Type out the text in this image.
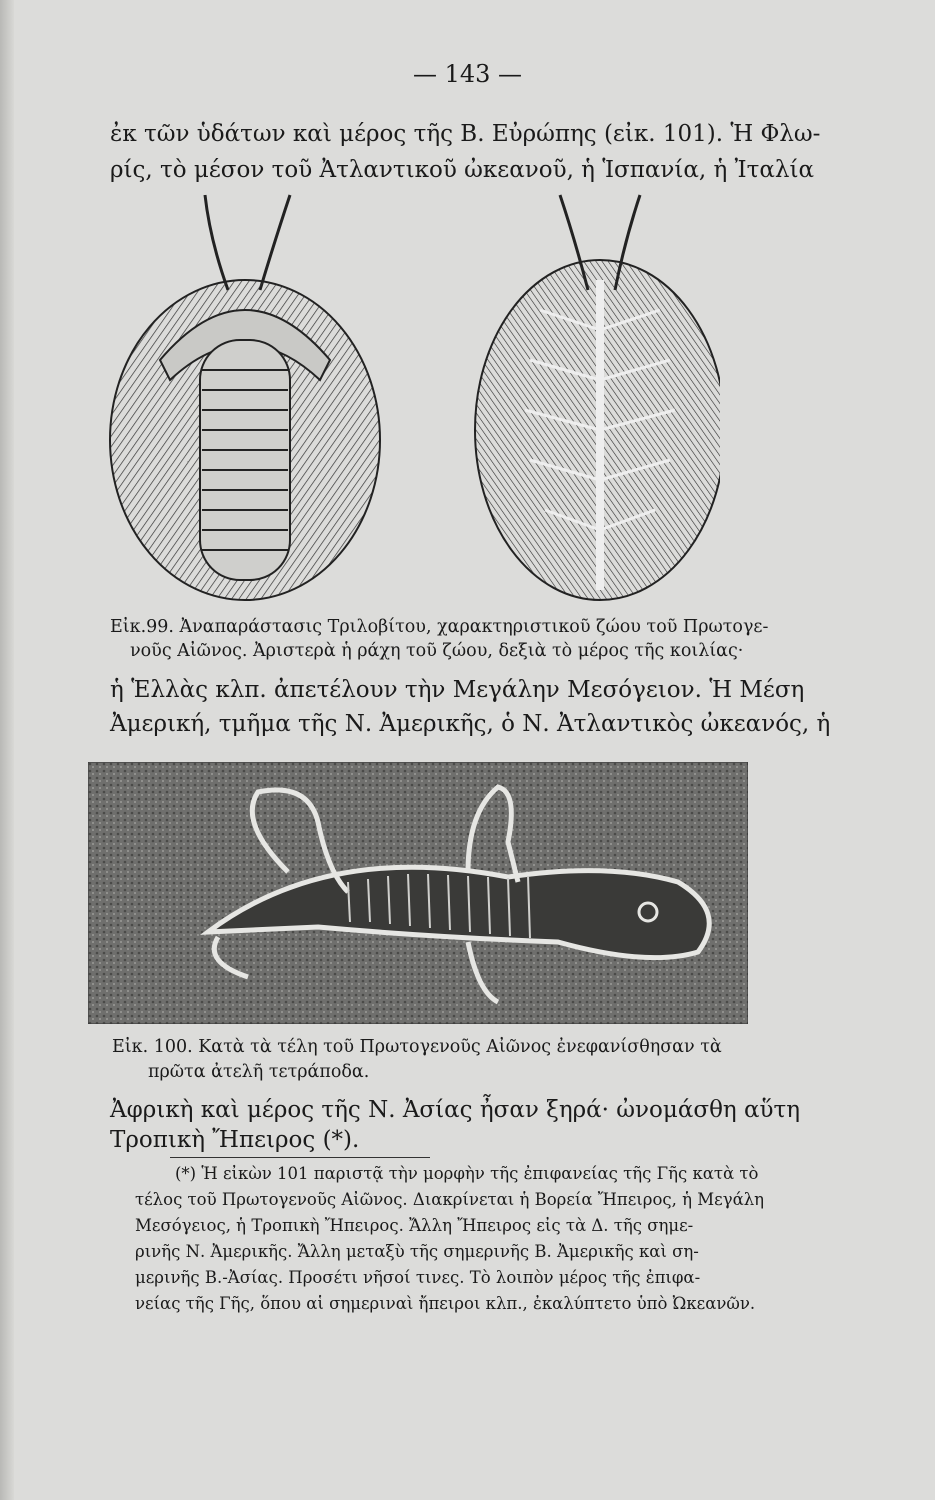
— 143 —
ἐκ τῶν ὑδάτων καὶ μέρος τῆς Β. Εὐρώπης (εἰκ. 101). Ἡ Φλω-
ρίς, τὸ μέσον τοῦ Ἀτλαντικοῦ ὠκεανοῦ, ἡ Ἱσπανία, ἡ Ἰταλία
Εἰκ.99. Ἀναπαράστασις Τριλοβίτου, χαρακτηριστικοῦ ζώου τοῦ Πρωτογε-
νοῦς Αἰῶνος. Ἀριστερὰ ἡ ράχη τοῦ ζώου, δεξιὰ τὸ μέρος τῆς κοιλίας·
ἡ Ἑλλὰς κλπ. ἀπετέλουν τὴν Μεγάλην Μεσόγειον. Ἡ Μέση
Ἀμερική, τμῆμα τῆς Ν. Ἀμερικῆς, ὁ Ν. Ἀτλαντικὸς ὠκεανός, ἡ
Εἰκ. 100. Κατὰ τὰ τέλη τοῦ Πρωτογενοῦς Αἰῶνος ἐνεφανίσθησαν τὰ
πρῶτα ἀτελῆ τετράποδα.
Ἀφρικὴ καὶ μέρος τῆς Ν. Ἀσίας ἦσαν ξηρά· ὠνομάσθη αὕτη
Τροπικὴ Ἤπειρος (*).
(*) Ἡ εἰκὼν 101 παριστᾷ τὴν μορφὴν τῆς ἐπιφανείας τῆς Γῆς κατὰ τὸ
τέλος τοῦ Πρωτογενοῦς Αἰῶνος. Διακρίνεται ἡ Βορεία Ἤπειρος, ἡ Μεγάλη
Μεσόγειος, ἡ Τροπικὴ Ἤπειρος. Ἄλλη Ἤπειρος εἰς τὰ Δ. τῆς σημε-
ρινῆς Ν. Ἀμερικῆς. Ἄλλη μεταξὺ τῆς σημερινῆς Β. Ἀμερικῆς καὶ ση-
μερινῆς Β.-Ἀσίας. Προσέτι νῆσοί τινες. Τὸ λοιπὸν μέρος τῆς ἐπιφα-
νείας τῆς Γῆς, ὅπου αἱ σημεριναὶ ἤπειροι κλπ., ἐκαλύπτετο ὑπὸ Ὠκεανῶν.
